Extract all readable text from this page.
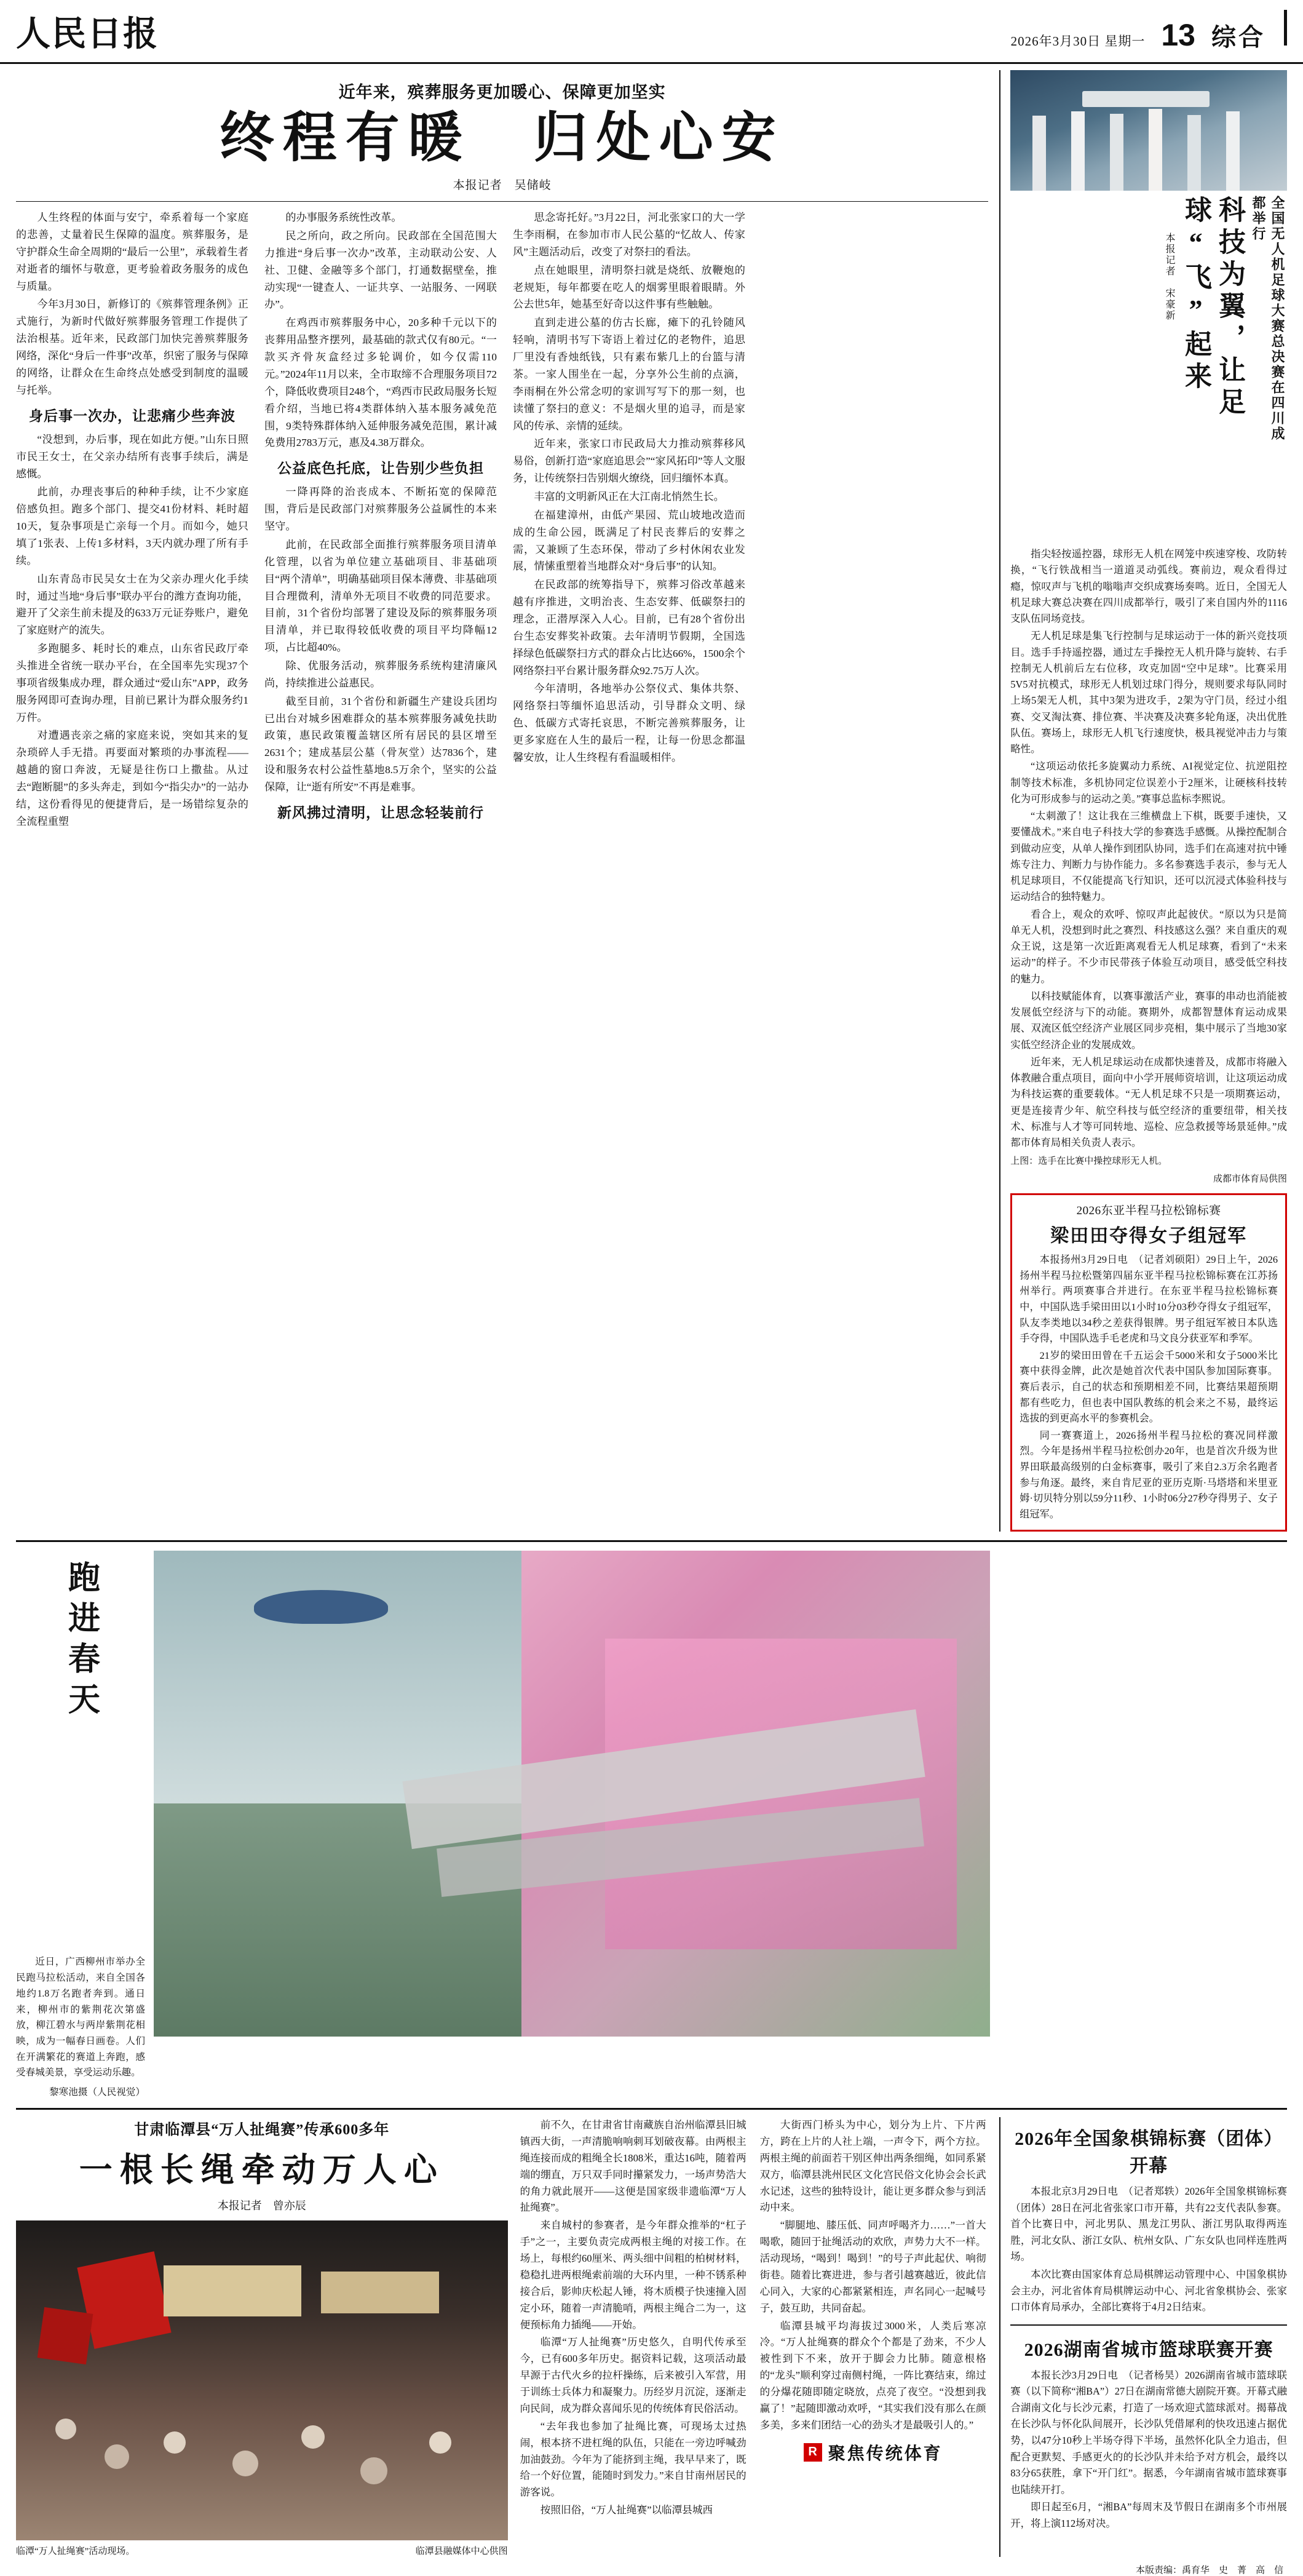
人民日报	2026年3月30日 星期一 13 综合
近年来，殡葬服务更加暖心、保障更加坚实
终程有暖　归处心安
本报记者　吴储岐

人生终程的体面与安宁，牵系着每一个家庭的悲善，丈量着民生保障的温度。殡葬服务，是守护群众生命全周期的“最后一公里”，承载着生者对逝者的缅怀与敬意，更考验着政务服务的成色与质量。

今年3月30日，新修订的《殡葬管理条例》正式施行，为新时代做好殡葬服务管理工作提供了法治根基。近年来，民政部门加快完善殡葬服务网络，深化“身后一件事”改革，织密了服务与保障的网络，让群众在生命终点处感受到制度的温暖与托举。

身后事一次办，让悲痛少些奔波

“没想到，办后事，现在如此方便。”山东日照市民王女士，在父亲办结所有丧事手续后，满是感慨。

此前，办理丧事后的种种手续，让不少家庭倍感负担。跑多个部门、提交41份材料、耗时超10天，复杂事项是亡亲每一个月。而如今，她只填了1张表、上传1多材料，3天内就办理了所有手续。

山东青岛市民吴女士在为父亲办理火化手续时，通过当地“身后事”联办平台的潍方查询功能，避开了父亲生前未提及的633万元证券账户，避免了家庭财产的流失。

多跑腿多、耗时长的难点，山东省民政厅牵头推进全省统一联办平台，在全国率先实现37个事项省级集成办理，群众通过“爱山东”APP，政务服务网即可查询办理，目前已累计为群众服务约1万件。

对遭遇丧亲之痛的家庭来说，突如其来的复杂琐碎人手无措。再要面对繁琐的办事流程——越趟的窗口奔波，无疑是往伤口上撒盐。从过去“跑断腿”的多头奔走，到如今“指尖办”的一站办结，这份看得见的便捷背后，是一场错综复杂的全流程重塑

的办事服务系统性改革。

民之所向，政之所向。民政部在全国范围大力推进“身后事一次办”改革，主动联动公安、人社、卫健、金融等多个部门，打通数据壁垒，推动实现“一键查人、一证共享、一站服务、一网联办”。

在鸡西市殡葬服务中心，20多种千元以下的丧葬用品整齐摆列，最基础的款式仅有80元。“一款买齐骨灰盒经过多轮调价，如今仅需110元。”2024年11月以来，全市取缔不合理服务项目72个，降低收费项目248个，“鸡西市民政局服务长短看介绍，当地已将4类群体纳入基本服务减免范围，9类特殊群体纳入延伸服务减免范围，累计减免费用2783万元，惠及4.38万群众。

公益底色托底，让告别少些负担

一降再降的治丧成本、不断拓宽的保障范围，背后是民政部门对殡葬服务公益属性的本来坚守。

此前，在民政部全面推行殡葬服务项目清单化管理，以省为单位建立基础项目、非基础项目“两个清单”，明确基础项目保本薄费、非基础项目合理微利，清单外无项目不收费的同范要求。目前，31个省份均部署了建设及际的殡葬服务项目清单，并已取得较低收费的项目平均降幅12项，占比超40%。

除、优服务活动，殡葬服务系统构建清廉风尚，持续推进公益惠民。

截至目前，31个省份和新疆生产建设兵团均已出台对城乡困难群众的基本殡葬服务减免扶助政策，惠民政策覆盖辖区所有居民的县区增至2631个；建成基层公墓（骨灰堂）达7836个，建设和服务农村公益性墓地8.5万余个，坚实的公益保障，让“逝有所安”不再是难事。

新风拂过清明，让思念轻装前行

思念寄托好。”3月22日，河北张家口的大一学生李雨桐，在参加市市人民公墓的“忆故人、传家风”主题活动后，改变了对祭扫的看法。

点在她眼里，清明祭扫就是烧纸、放鞭炮的老规矩，每年都要在吃人的烟雾里眼着眼睛。外公去世5年，她基至好奇以这件事有些触触。

直到走进公墓的仿古长廊，瘫下的孔铃随风轻响，清明书写下寄语上着过亿的老物件，追思厂里没有香烛纸钱，只有素布紫几上的台篮与清茶。一家人围坐在一起，分享外公生前的点滴，李雨桐在外公常念叨的家训写写下的那一刻，也读懂了祭扫的意义：不是烟火里的追寻，而是家风的传承、亲情的延续。

近年来，张家口市民政局大力推动殡葬移风易俗，创新打造“家庭追思会”“家风拓印”等人文服务，让传统祭扫告别烟火缭绕，回归缅怀本真。

丰富的文明新风正在大江南北悄然生长。

在福建漳州，由低产果园、荒山坡地改造而成的生命公园，既满足了村民丧葬后的安葬之需，又兼顾了生态环保，带动了乡村休闲农业发展，情愫重塑着当地群众对“身后事”的认知。

在民政部的统筹指导下，殡葬习俗改革越来越有序推进，文明治丧、生态安葬、低碳祭扫的理念，正潜厚深入人心。目前，已有28个省份出台生态安葬奖补政策。去年清明节假期，全国选择绿色低碳祭扫方式的群众占比达66%，1500余个网络祭扫平台累计服务群众92.75万人次。

今年清明，各地举办公祭仪式、集体共祭、网络祭扫等缅怀追思活动，引导群众文明、绿色、低碳方式寄托哀思，不断完善殡葬服务，让更多家庭在人生的最后一程，让每一份思念都温馨安放，让人生终程有看温暖相伴。

全国无人机足球大赛总决赛在四川成都举行
科技为翼，让足球“飞”起来
本报记者　宋豪新

指尖轻按遥控器，球形无人机在网笼中疾速穿梭、攻防转换，“飞行铁战相当一道道灵动弧线。赛前边，观众看得过瘾，惊叹声与飞机的嗡嗡声交织成赛场奏鸣。近日，全国无人机足球大赛总决赛在四川成都举行，吸引了来自国内外的1116支队伍同场竞技。

无人机足球是集飞行控制与足球运动于一体的新兴竞技项目。选手手持遥控器，通过左手操控无人机升降与旋转、右手控制无人机前后左右位移，攻克加固“空中足球”。比赛采用5V5对抗模式，球形无人机划过球门得分，规则要求每队同时上场5架无人机，其中3架为进攻手，2架为守门员，经过小组赛、交叉淘汰赛、排位赛、半决赛及决赛多轮角逐，决出优胜队伍。赛场上，球形无人机飞行速度快，极具视觉冲击力与策略性。

“这项运动依托多旋翼动力系统、AI视觉定位、抗逆阻控制等技术标准，多机协同定位误差小于2厘米，让硬核科技转化为可形成参与的运动之美。”赛事总监标李熙说。

“太刺激了！这让我在三维横盘上下棋，既要手速快，又要懂战术。”来自电子科技大学的参赛选手感慨。从操控配制合到做动应变，从单人操作到团队协同，选手们在高速对抗中锤炼专注力、判断力与协作能力。多名参赛选手表示，参与无人机足球项目，不仅能提高飞行知识，还可以沉浸式体验科技与运动结合的独特魅力。

看合上，观众的欢呼、惊叹声此起彼伏。“原以为只是简单无人机，没想到时此之赛烈、科技感这么强？来自重庆的观众王说，这是第一次近距离观看无人机足球赛，看到了“未来运动”的样子。不少市民带孩子体验互动项目，感受低空科技的魅力。

以科技赋能体育，以赛事激活产业，赛事的串动也消能被发展低空经济与下的动能。赛期外，成都智慧体育运动成果展、双流区低空经济产业展区同步亮相，集中展示了当地30家实低空经济企业的发展成效。

近年来，无人机足球运动在成都快速普及，成都市将融入体教融合重点项目，面向中小学开展师资培训，让这项运动成为科技运赛的重要载体。“无人机足球不只是一项期赛运动，更是连接青少年、航空科技与低空经济的重要纽带，相关技术、标准与人才等可同转地、巡检、应急救援等场景延伸。”成都市体育局相关负责人表示。

上图：选手在比赛中操控球形无人机。
成都市体育局供图
2026东亚半程马拉松锦标赛
梁田田夺得女子组冠军

本报扬州3月29日电　（记者刘硕阳）29日上午，2026扬州半程马拉松暨第四届东亚半程马拉松锦标赛在江苏扬州举行。两项赛事合并进行。在东亚半程马拉松锦标赛中，中国队选手梁田田以1小时10分03秒夺得女子组冠军，队友李类地以34秒之差获得银牌。男子组冠军被日本队选手夺得，中国队选手毛老虎和马文良分获亚军和季军。

21岁的梁田田曾在千五运会千5000米和女子5000米比赛中获得金牌，此次是她首次代表中国队参加国际赛事。赛后表示，自己的状态和预期相差不同，比赛结果超预期都有些吃力，但也表中国队教练的机会来之不易，最终运选拔的到更高水平的参赛机会。

同一赛赛道上，2026扬州半程马拉松的赛况同样激烈。今年是扬州半程马拉松创办20年，也是首次升级为世界田联最高级别的白金标赛事，吸引了来自2.3万余名跑者参与角逐。最终，来自肯尼亚的亚历克斯·马塔塔和米里亚姆·切贝特分别以59分11秒、1小时06分27秒夺得男子、女子组冠军。

跑进春天
近日，广西柳州市举办全民跑马拉松活动，来自全国各地约1.8万名跑者奔到。通日来，柳州市的紫荆花次第盛放，柳江碧水与两岸紫荆花相映，成为一幅春日画卷。人们在开满繁花的赛道上奔跑，感受春城美景，享受运动乐趣。
黎寒池摄（人民视觉）
甘肃临潭县“万人扯绳赛”传承600多年
一根长绳牵动万人心
本报记者　曾亦辰
临潭“万人扯绳赛”活动现场。	临潭县融媒体中心供图

前不久，在甘肃省甘南藏族自治州临潭县旧城镇西大街，一声清脆响响刺耳划破夜幕。由两根主绳连接而成的粗绳全长1808米，重达16吨，随着两端的绷直，万只双手同时攥紧发力，一场声势浩大的角力就此展开——这便是国家级非遗临潭“万人扯绳赛”。

来自城村的参赛者，是今年群众推举的“杠子手”之一，主要负责完成两根主绳的对接工作。在场上，每根约60厘米、两头细中间粗的柏树材料，稳稳扎进两根绳索前端的大环内里，一种不锈系种接合后，影帅庆松起人锤，将木质模子快速撞入固定小环，随着一声清脆哨，两根主绳合二为一，这便预标角力插绳——开始。

临潭“万人扯绳赛”历史悠久，自明代传承至今，已有600多年历史。据资料记载，这项活动最早源于古代火乡的拉杆操练，后来被引入军营，用于训练士兵体力和凝聚力。历经岁月沉淀，逐渐走向民间，成为群众喜闻乐见的传统体育民俗活动。

“去年我也参加了扯绳比赛，可现场太过热闹，根本挤不进杠绳的队伍，只能在一旁边呼喊劲加油鼓劲。今年为了能挤到主绳，我早早来了，既给一个好位置，能随时到发力。”来自甘南州居民的游客说。

按照旧俗，“万人扯绳赛”以临潭县城西

大街西门桥头为中心，划分为上片、下片两方，跨在上片的人社上端，一声令下，两个方拉。两根主绳的前面若干别区伸出两条细绳，如同系紧双方，临潭县洮州民区文化宫民俗文化协会会长武水记述，这些的独特设计，能让更多群众参与到活动中来。

“脚腿地、膝压低、同声呼喝齐力……”一首大喝歌，随回于扯绳活动的欢欣，声势力大不一样。活动现场，“喝到！喝到！”的号子声此起伏、响彻街巷。随着比赛进进，参与者引越赛越近，彼此信心同入，大家的心都紧紧相连，声名同心一起喊号子，鼓互助，共同奋起。

临潭县城平均海拔过3000米，人类后寒凉冷。“万人扯绳赛的群众个个都是了劲来，不少人被性到下不来，放开于脚会力比肺。随意根格的“龙头”顺利穿过南侧村绳，一阵比赛结束，绵过的分爆花随即随定晓放，点亮了夜空。“没想到我赢了！”起随即激动欢呼，“其实我们没有那么在颜多美，多来们团结一心的劲头才是最吸引人的。”

R 聚焦传统体育
2026年全国象棋锦标赛（团体）开幕

本报北京3月29日电　（记者郑轶）2026年全国象棋锦标赛（团体）28日在河北省张家口市开幕，共有22支代表队参赛。首个比赛日中，河北男队、黑龙江男队、浙江男队取得两连胜，河北女队、浙江女队、杭州女队、广东女队也同样连胜两场。

本次比赛由国家体育总局棋牌运动管理中心、中国象棋协会主办，河北省体育局棋牌运动中心、河北省象棋协会、张家口市体育局承办，全部比赛将于4月2日结束。

2026湖南省城市篮球联赛开赛

本报长沙3月29日电　（记者杨昊）2026湖南省城市篮球联赛（以下简称“湘BA”）27日在湖南常德大剧院开赛。开幕式融合湖南文化与长沙元素，打造了一场欢迎式篮球派对。揭幕战在长沙队与怀化队间展开，长沙队凭借犀利的快攻迅速占据优势，以47分10秒上半场夺得下半场，虽然怀化队全力追击，但配合更默契、手感更火的的长沙队并未给予对方机会，最终以83分65获胜，拿下“开门红”。据悉，今年湖南省城市篮球赛事也陆续开打。

即日起至6月，“湘BA”每周末及节假日在湖南多个市州展开，将上演112场对决。

本版责编：禹育华　史　菁　高　信
